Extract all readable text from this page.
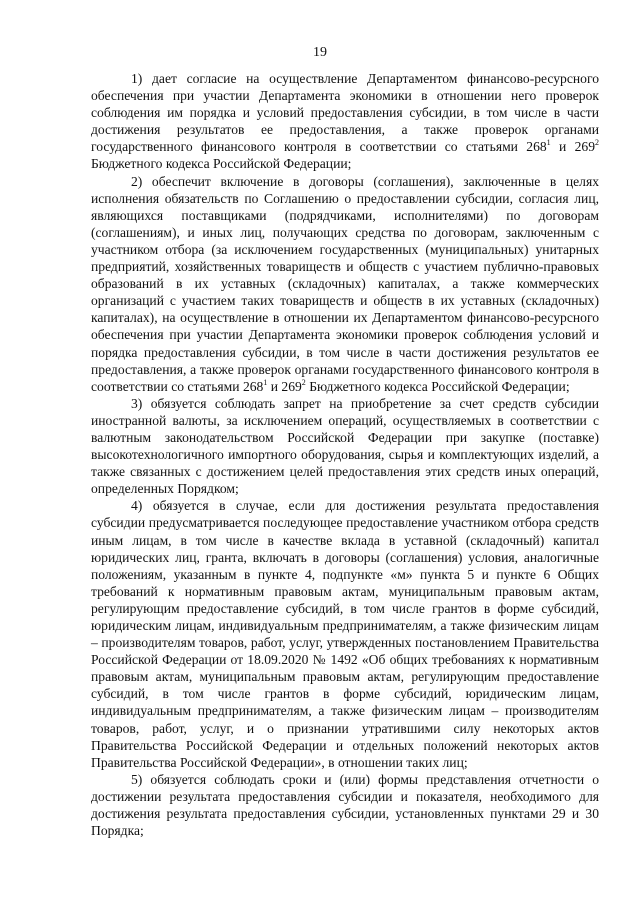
19

1) дает согласие на осуществление Департаментом финансово-ресурсного обеспечения при участии Департамента экономики в отношении него проверок соблюдения им порядка и условий предоставления субсидии, в том числе в части достижения результатов ее предоставления, а также проверок органами государственного финансового контроля в соответствии со статьями $268^1$ и $269^2$ Бюджетного кодекса Российской Федерации;

2) обеспечит включение в договоры (соглашения), заключенные в целях исполнения обязательств по Соглашению о предоставлении субсидии, согласия лиц, являющихся поставщиками (подрядчиками, исполнителями) по договорам (соглашениям), и иных лиц, получающих средства по договорам, заключенным с участником отбора (за исключением государственных (муниципальных) унитарных предприятий, хозяйственных товариществ и обществ с участием публично-правовых образований в их уставных (складочных) капиталах, а также коммерческих организаций с участием таких товариществ и обществ в их уставных (складочных) капиталах), на осуществление в отношении их Департаментом финансово-ресурсного обеспечения при участии Департамента экономики проверок соблюдения условий и порядка предоставления субсидии, в том числе в части достижения результатов ее предоставления, а также проверок органами государственного финансового контроля в соответствии со статьями $268^1$ и $269^2$ Бюджетного кодекса Российской Федерации;

3) обязуется соблюдать запрет на приобретение за счет средств субсидии иностранной валюты, за исключением операций, осуществляемых в соответствии с валютным законодательством Российской Федерации при закупке (поставке) высокотехнологичного импортного оборудования, сырья и комплектующих изделий, а также связанных с достижением целей предоставления этих средств иных операций, определенных Порядком;

4) обязуется в случае, если для достижения результата предоставления субсидии предусматривается последующее предоставление участником отбора средств иным лицам, в том числе в качестве вклада в уставной (складочный) капитал юридических лиц, гранта, включать в договоры (соглашения) условия, аналогичные положениям, указанным в пункте 4, подпункте «м» пункта 5 и пункте 6 Общих требований к нормативным правовым актам, муниципальным правовым актам, регулирующим предоставление субсидий, в том числе грантов в форме субсидий, юридическим лицам, индивидуальным предпринимателям, а также физическим лицам – производителям товаров, работ, услуг, утвержденных постановлением Правительства Российской Федерации от 18.09.2020 № 1492 «Об общих требованиях к нормативным правовым актам, муниципальным правовым актам, регулирующим предоставление субсидий, в том числе грантов в форме субсидий, юридическим лицам, индивидуальным предпринимателям, а также физическим лицам – производителям товаров, работ, услуг, и о признании утратившими силу некоторых актов Правительства Российской Федерации и отдельных положений некоторых актов Правительства Российской Федерации», в отношении таких лиц;

5) обязуется соблюдать сроки и (или) формы представления отчетности о достижении результата предоставления субсидии и показателя, необходимого для достижения результата предоставления субсидии, установленных пунктами 29 и 30 Порядка;
